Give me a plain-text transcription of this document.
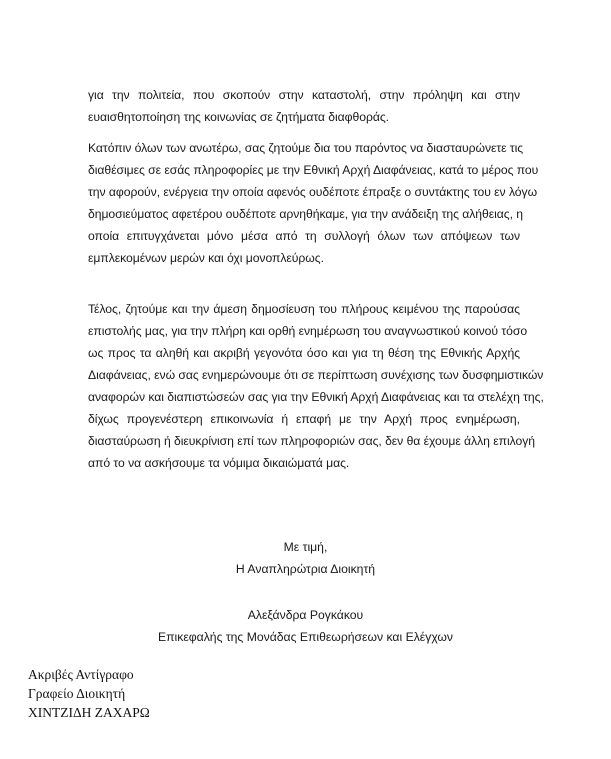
για την πολιτεία, που σκοπούν στην καταστολή, στην πρόληψη και στην
ευαισθητοποίηση της κοινωνίας σε ζητήματα διαφθοράς.
Κατόπιν όλων των ανωτέρω, σας ζητούμε δια του παρόντος να διασταυρώνετε τις
διαθέσιμες σε εσάς πληροφορίες με την Εθνική Αρχή Διαφάνειας, κατά το μέρος που
την αφορούν, ενέργεια την οποία αφενός ουδέποτε έπραξε ο συντάκτης του εν λόγω
δημοσιεύματος αφετέρου ουδέποτε αρνηθήκαμε, για την ανάδειξη της αλήθειας, η
οποία επιτυγχάνεται μόνο μέσα από τη συλλογή όλων των απόψεων των
εμπλεκομένων μερών και όχι μονοπλεύρως.
Τέλος, ζητούμε και την άμεση δημοσίευση του πλήρους κειμένου της παρούσας
επιστολής μας, για την πλήρη και ορθή ενημέρωση του αναγνωστικού κοινού τόσο
ως προς τα αληθή και ακριβή γεγονότα όσο και για τη θέση της Εθνικής Αρχής
Διαφάνειας, ενώ σας ενημερώνουμε ότι σε περίπτωση συνέχισης των δυσφημιστικών
αναφορών και διαπιστώσεών σας για την Εθνική Αρχή Διαφάνειας και τα στελέχη της,
δίχως προγενέστερη επικοινωνία ή επαφή με την Αρχή προς ενημέρωση,
διασταύρωση ή διευκρίνιση επί των πληροφοριών σας, δεν θα έχουμε άλλη επιλογή
από το να ασκήσουμε τα νόμιμα δικαιώματά μας.
Με τιμή,
Η Αναπληρώτρια Διοικητή
Αλεξάνδρα Ρογκάκου
Επικεφαλής της Μονάδας Επιθεωρήσεων και Ελέγχων
Ακριβές Αντίγραφο
Γραφείο Διοικητή
ΧΙΝΤΖΙΔΗ ΖΑΧΑΡΩ
